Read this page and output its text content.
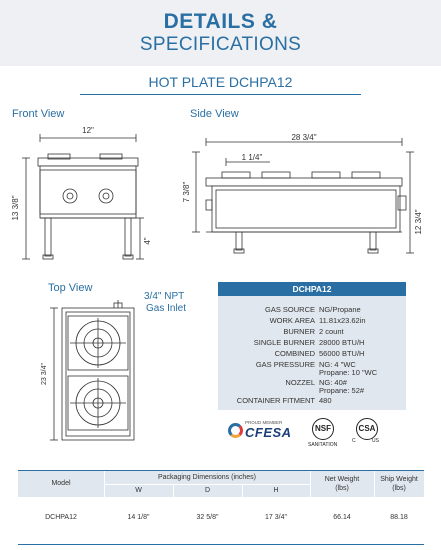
DETAILS &
SPECIFICATIONS
HOT PLATE DCHPA12
Front View	Side View
Top View
12"
13 3/8"
4"
28 3/4"
1 1/4"
7 3/8"
12 3/4"
23 3/4"
3/4" NPT
Gas Inlet
DCHPA12
GAS SOURCE NG/Propane
WORK AREA 11.81x23.62in
BURNER 2 count
SINGLE BURNER 28000 BTU/H
COMBINED 56000 BTU/H
GAS PRESSURE NG: 4 "WC
Propane: 10 "WC
NOZZEL NG: 40#
Propane: 52#
CONTAINER FITMENT 480
PROUD MEMBER
CFESA	NSF
SANITATION
CSA
C	US
Model
Packaging Dimensions (inches)
W	D	H
Net Weight
(lbs)
Ship Weight
(lbs)
DCHPA12	14 1/8"	32 5/8"	17 3/4"	66.14	88.18
